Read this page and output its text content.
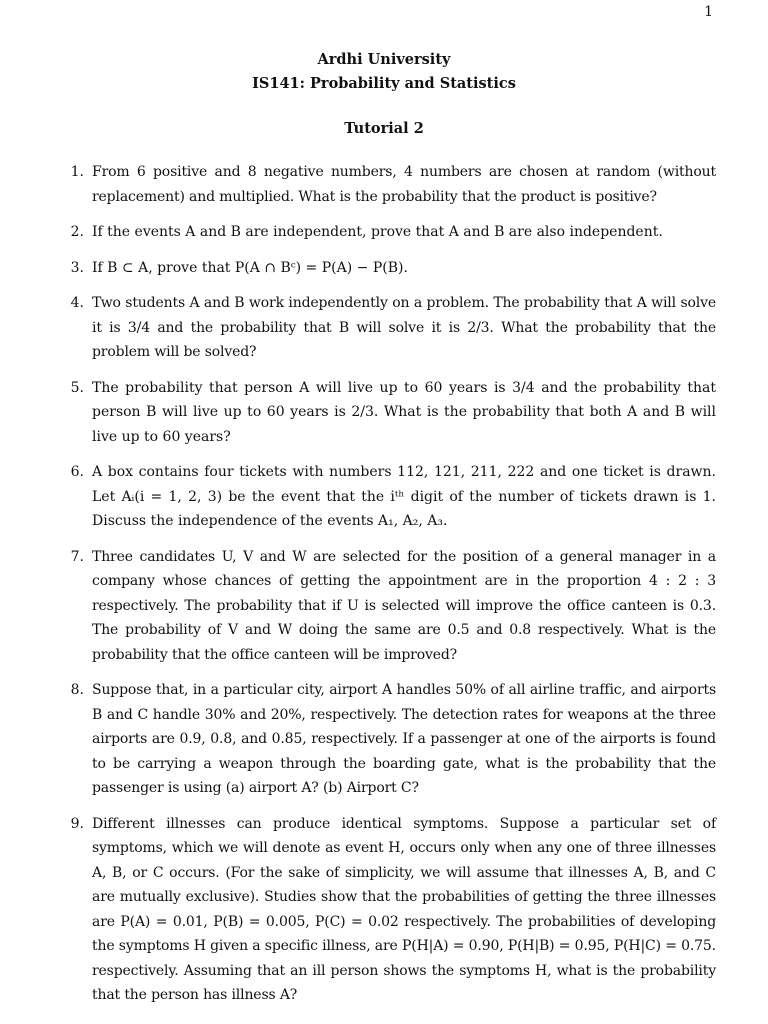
1
Ardhi University
IS141: Probability and Statistics
Tutorial 2
1. From 6 positive and 8 negative numbers, 4 numbers are chosen at random (without replacement) and multiplied. What is the probability that the product is positive?
2. If the events A and B are independent, prove that A and B are also independent.
3. If B ⊂ A, prove that P(A ∩ Bᶜ) = P(A) − P(B).
4. Two students A and B work independently on a problem. The probability that A will solve it is 3/4 and the probability that B will solve it is 2/3. What the probability that the problem will be solved?
5. The probability that person A will live up to 60 years is 3/4 and the probability that person B will live up to 60 years is 2/3. What is the probability that both A and B will live up to 60 years?
6. A box contains four tickets with numbers 112, 121, 211, 222 and one ticket is drawn. Let Aᵢ(i = 1, 2, 3) be the event that the iᵗʰ digit of the number of tickets drawn is 1. Discuss the independence of the events A₁, A₂, A₃.
7. Three candidates U, V and W are selected for the position of a general manager in a company whose chances of getting the appointment are in the proportion 4 : 2 : 3 respectively. The probability that if U is selected will improve the office canteen is 0.3. The probability of V and W doing the same are 0.5 and 0.8 respectively. What is the probability that the office canteen will be improved?
8. Suppose that, in a particular city, airport A handles 50% of all airline traffic, and airports B and C handle 30% and 20%, respectively. The detection rates for weapons at the three airports are 0.9, 0.8, and 0.85, respectively. If a passenger at one of the airports is found to be carrying a weapon through the boarding gate, what is the probability that the passenger is using (a) airport A? (b) Airport C?
9. Different illnesses can produce identical symptoms. Suppose a particular set of symptoms, which we will denote as event H, occurs only when any one of three illnesses A, B, or C occurs. (For the sake of simplicity, we will assume that illnesses A, B, and C are mutually exclusive). Studies show that the probabilities of getting the three illnesses are P(A) = 0.01, P(B) = 0.005, P(C) = 0.02 respectively. The probabilities of developing the symptoms H given a specific illness, are P(H|A) = 0.90, P(H|B) = 0.95, P(H|C) = 0.75. respectively. Assuming that an ill person shows the symptoms H, what is the probability that the person has illness A?
